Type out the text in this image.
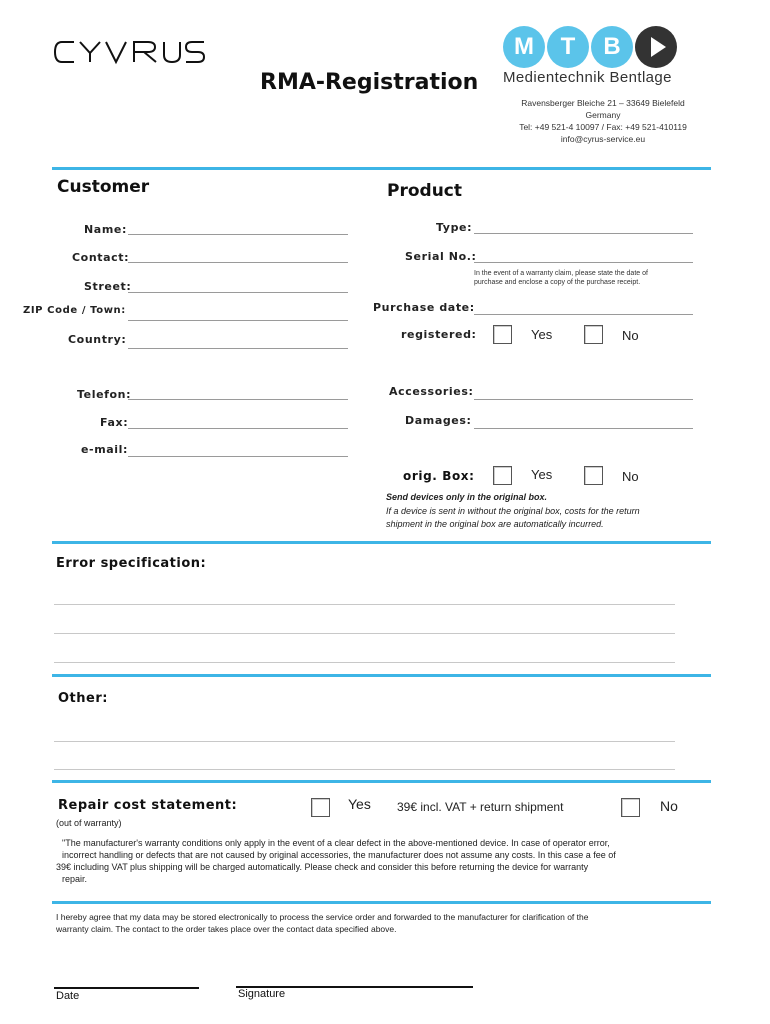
RMA-Registration
M	T	B
Medientechnik Bentlage
Ravensberger Bleiche 21 – 33649 Bielefeld
Germany
Tel: +49 521-4 10097 / Fax: +49 521-410119
info@cyrus-service.eu
Customer
Name:
Contact:
Street:
ZIP Code / Town:
Country:
Telefon:
Fax:
e-mail:
Product
Type:
Serial No.:
In the event of a warranty claim, please state the date of
purchase and enclose a copy of the purchase receipt.
Purchase date:
registered:	Yes	No
Accessories:
Damages:
orig. Box:	Yes	No
Send devices only in the original box.
If a device is sent in without the original box, costs for the return
shipment in the original box are automatically incurred.
Error specification:
Other:
Repair cost statement:	Yes 39€ incl. VAT + return shipment	No
(out of warranty)
"The manufacturer's warranty conditions only apply in the event of a clear defect in the above-mentioned device. In case of operator error,
incorrect handling or defects that are not caused by original accessories, the manufacturer does not assume any costs. In this case a fee of
39€ including VAT plus shipping will be charged automatically. Please check and consider this before returning the device for warranty
repair.
I hereby agree that my data may be stored electronically to process the service order and forwarded to the manufacturer for clarification of the
warranty claim. The contact to the order takes place over the contact data specified above.
Date	Signature
